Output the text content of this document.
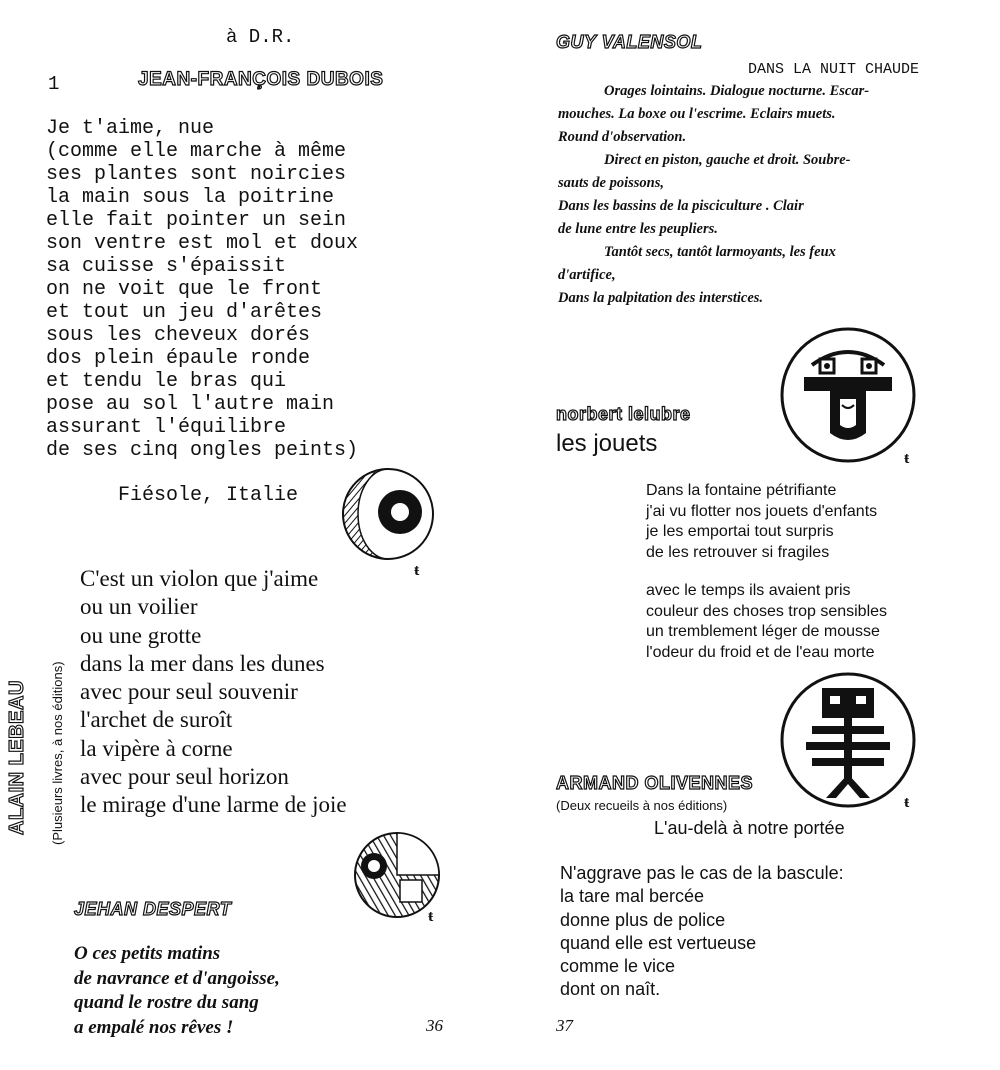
à D.R.
1	JEAN-FRANÇOIS DUBOIS
Je t'aime, nue
(comme elle marche à même
ses plantes sont noircies
la main sous la poitrine
elle fait pointer un sein
son ventre est mol et doux
sa cuisse s'épaissit
on ne voit que le front
et tout un jeu d'arêtes
sous les cheveux dorés
dos plein épaule ronde
et tendu le bras qui
pose au sol l'autre main
assurant l'équilibre
de ses cinq ongles peints)
Fiésole, Italie
ŧ
ALAIN LEBEAU (Plusieurs livres, à nos éditions)
C'est un violon que j'aime
ou un voilier
ou une grotte
dans la mer dans les dunes
avec pour seul souvenir
l'archet de suroît
la vipère à corne
avec pour seul horizon
le mirage d'une larme de joie
ŧ
JEHAN DESPERT
O ces petits matins
de navrance et d'angoisse,
quand le rostre du sang
a empalé nos rêves !	36
GUY VALENSOL
DANS LA NUIT CHAUDE
Orages lointains. Dialogue nocturne. Escar-
mouches. La boxe ou l'escrime. Eclairs muets.
Round d'observation.
Direct en piston, gauche et droit. Soubre-
sauts de poissons,
Dans les bassins de la pisciculture . Clair
de lune entre les peupliers.
Tantôt secs, tantôt larmoyants, les feux
d'artifice,
Dans la palpitation des interstices.
ŧ
norbert lelubre
les jouets
Dans la fontaine pétrifiante
j'ai vu flotter nos jouets d'enfants
je les emportai tout surpris
de les retrouver si fragiles
avec le temps ils avaient pris
couleur des choses trop sensibles
un tremblement léger de mousse
l'odeur du froid et de l'eau morte
ŧ
ARMAND OLIVENNES
(Deux recueils à nos éditions)
L'au-delà à notre portée
N'aggrave pas le cas de la bascule:
la tare mal bercée
donne plus de police
quand elle est vertueuse
comme le vice
dont on naît.
37
